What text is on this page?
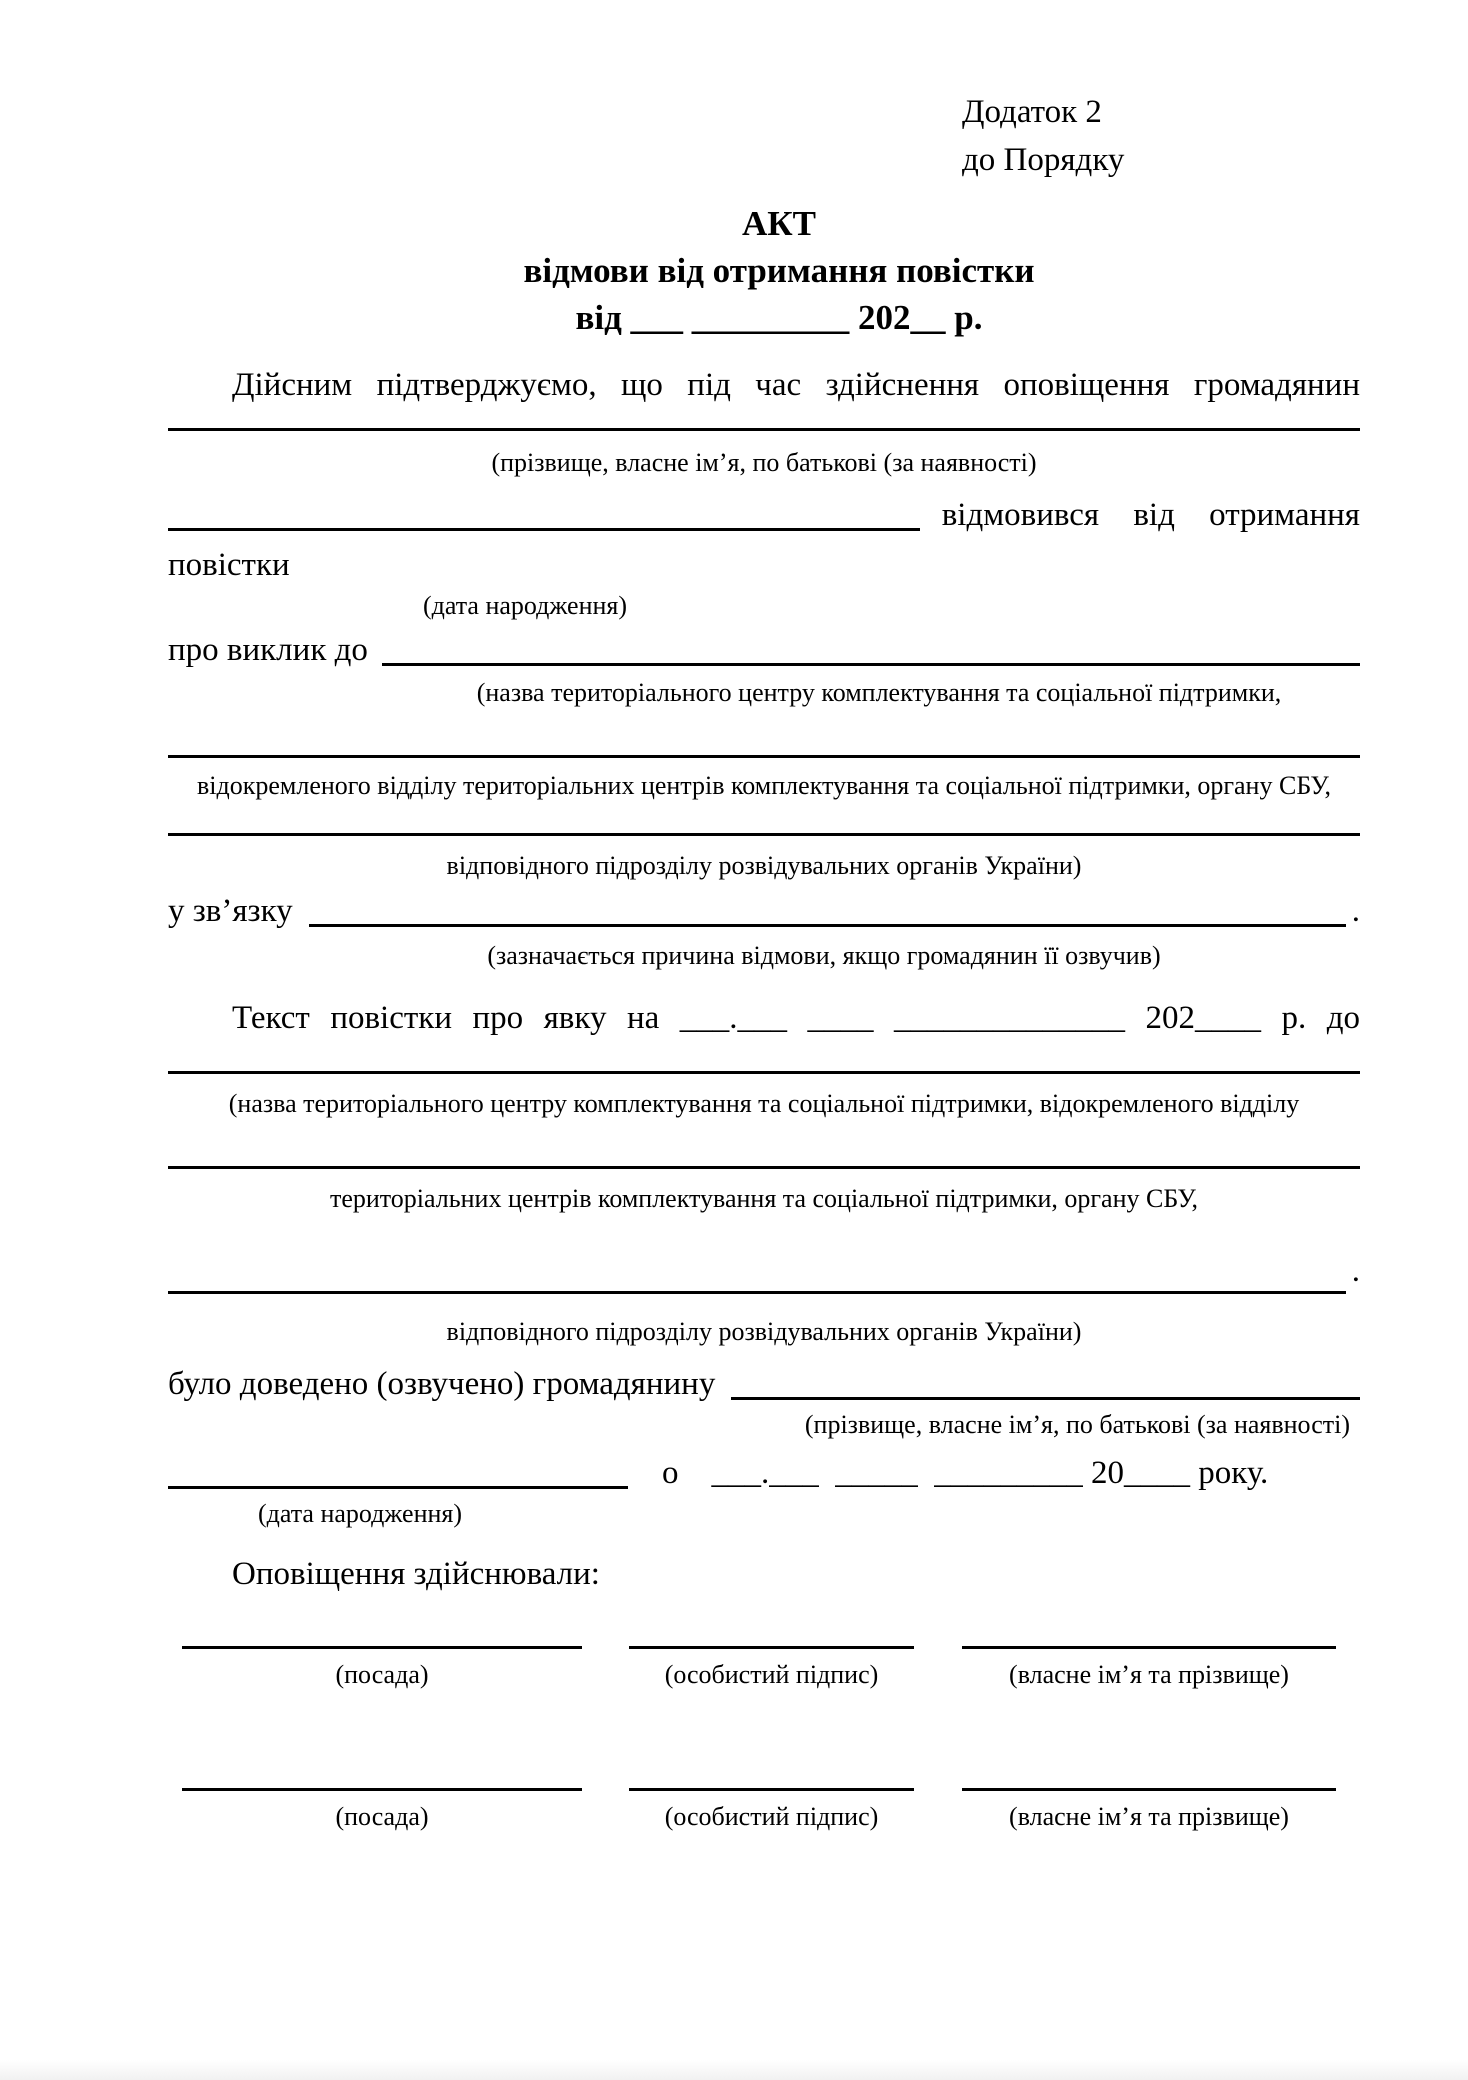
Додаток 2
до Порядку
АКТ
відмови від отримання повістки
від ___ _________ 202__ р.
Дійсним підтверджуємо, що під час здійснення оповіщення громадянин
(прізвище, власне ім’я, по батькові (за наявності)
відмовився від отримання
повістки
(дата народження)
про виклик до
(назва територіального центру комплектування та соціальної підтримки,
відокремленого відділу територіальних центрів комплектування та соціальної підтримки, органу СБУ,
відповідного підрозділу розвідувальних органів України)
у зв’язку	.
(зазначається причина відмови, якщо громадянин її озвучив)
Текст повістки про явку на ___.___ ____ ______________ 202____ р. до
(назва територіального центру комплектування та соціальної підтримки, відокремленого відділу
територіальних центрів комплектування та соціальної підтримки, органу СБУ,
.
відповідного підрозділу розвідувальних органів України)
було доведено (озвучено) громадянину
(прізвище, власне ім’я, по батькові (за наявності)
о    ___.___  _____  _________ 20____ року.
(дата народження)
Оповіщення здійснювали:
(посада)	(особистий підпис)	(власне ім’я та прізвище)
(посада)	(особистий підпис)	(власне ім’я та прізвище)
